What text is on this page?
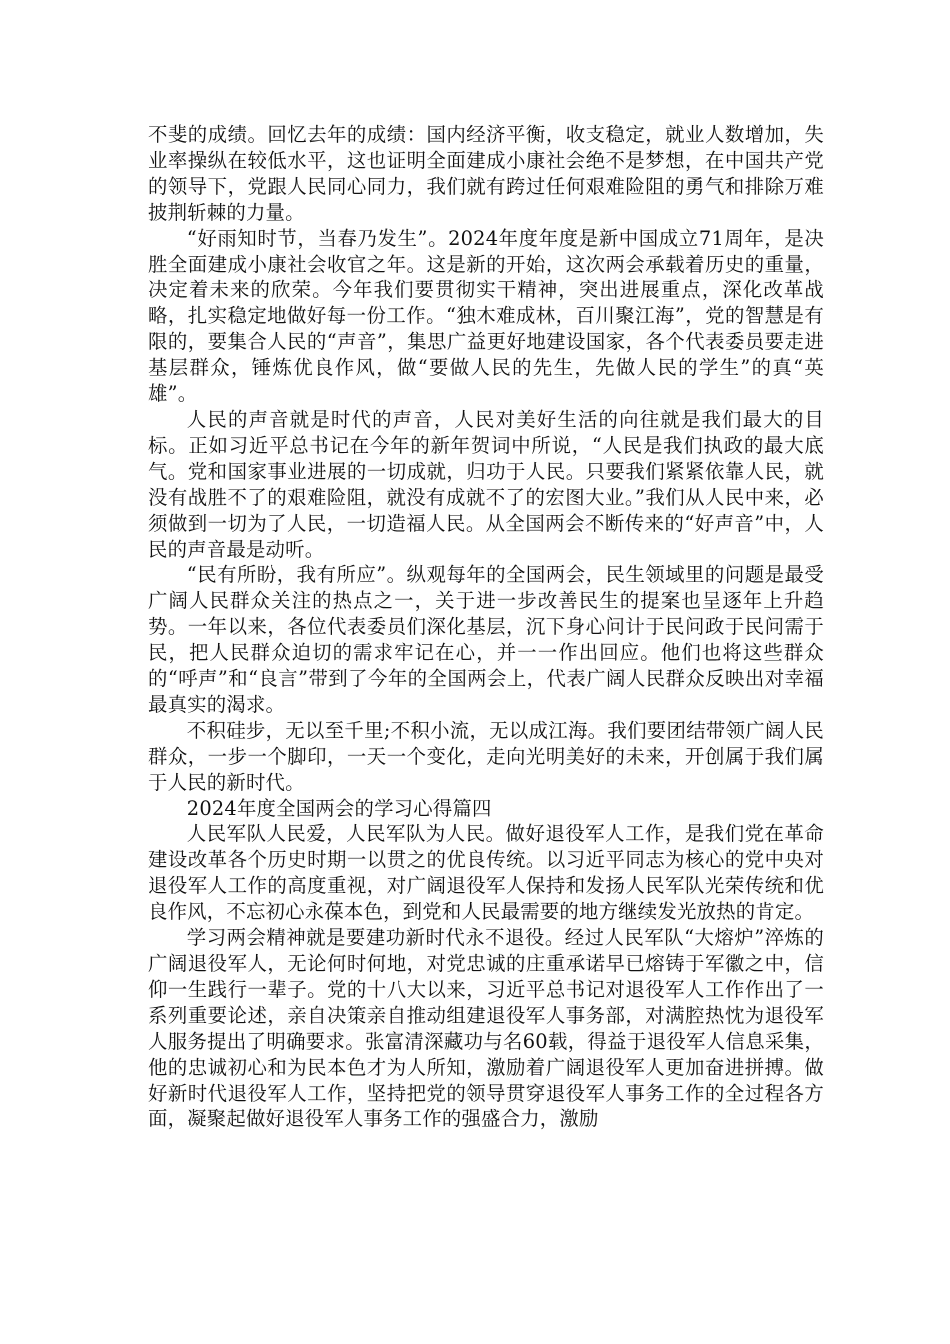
不斐的成绩。回忆去年的成绩：国内经济平衡，收支稳定，就业人数增加，失业率操纵在较低水平，这也证明全面建成小康社会绝不是梦想，在中国共产党的领导下，党跟人民同心同力，我们就有跨过任何艰难险阻的勇气和排除万难披荆斩棘的力量。

“好雨知时节，当春乃发生”。2024年度年度是新中国成立71周年，是决胜全面建成小康社会收官之年。这是新的开始，这次两会承载着历史的重量，决定着未来的欣荣。今年我们要贯彻实干精神，突出进展重点，深化改革战略，扎实稳定地做好每一份工作。“独木难成林，百川聚江海”，党的智慧是有限的，要集合人民的“声音”，集思广益更好地建设国家，各个代表委员要走进基层群众，锤炼优良作风，做“要做人民的先生，先做人民的学生”的真“英雄”。

人民的声音就是时代的声音，人民对美好生活的向往就是我们最大的目标。正如习近平总书记在今年的新年贺词中所说，“人民是我们执政的最大底气。党和国家事业进展的一切成就，归功于人民。只要我们紧紧依靠人民，就没有战胜不了的艰难险阻，就没有成就不了的宏图大业。”我们从人民中来，必须做到一切为了人民，一切造福人民。从全国两会不断传来的“好声音”中，人民的声音最是动听。

“民有所盼，我有所应”。纵观每年的全国两会，民生领域里的问题是最受广阔人民群众关注的热点之一，关于进一步改善民生的提案也呈逐年上升趋势。一年以来，各位代表委员们深化基层，沉下身心问计于民问政于民问需于民，把人民群众迫切的需求牢记在心，并一一作出回应。他们也将这些群众的“呼声”和“良言”带到了今年的全国两会上，代表广阔人民群众反映出对幸福最真实的渴求。

不积硅步，无以至千里;不积小流，无以成江海。我们要团结带领广阔人民群众，一步一个脚印，一天一个变化，走向光明美好的未来，开创属于我们属于人民的新时代。

2024年度全国两会的学习心得篇四

人民军队人民爱，人民军队为人民。做好退役军人工作，是我们党在革命建设改革各个历史时期一以贯之的优良传统。以习近平同志为核心的党中央对退役军人工作的高度重视，对广阔退役军人保持和发扬人民军队光荣传统和优良作风，不忘初心永葆本色，到党和人民最需要的地方继续发光放热的肯定。

学习两会精神就是要建功新时代永不退役。经过人民军队“大熔炉”淬炼的广阔退役军人，无论何时何地，对党忠诚的庄重承诺早已熔铸于军徽之中，信仰一生践行一辈子。党的十八大以来，习近平总书记对退役军人工作作出了一系列重要论述，亲自决策亲自推动组建退役军人事务部，对满腔热忱为退役军人服务提出了明确要求。张富清深藏功与名60载，得益于退役军人信息采集，他的忠诚初心和为民本色才为人所知，激励着广阔退役军人更加奋进拼搏。做好新时代退役军人工作，坚持把党的领导贯穿退役军人事务工作的全过程各方面，凝聚起做好退役军人事务工作的强盛合力，激励
